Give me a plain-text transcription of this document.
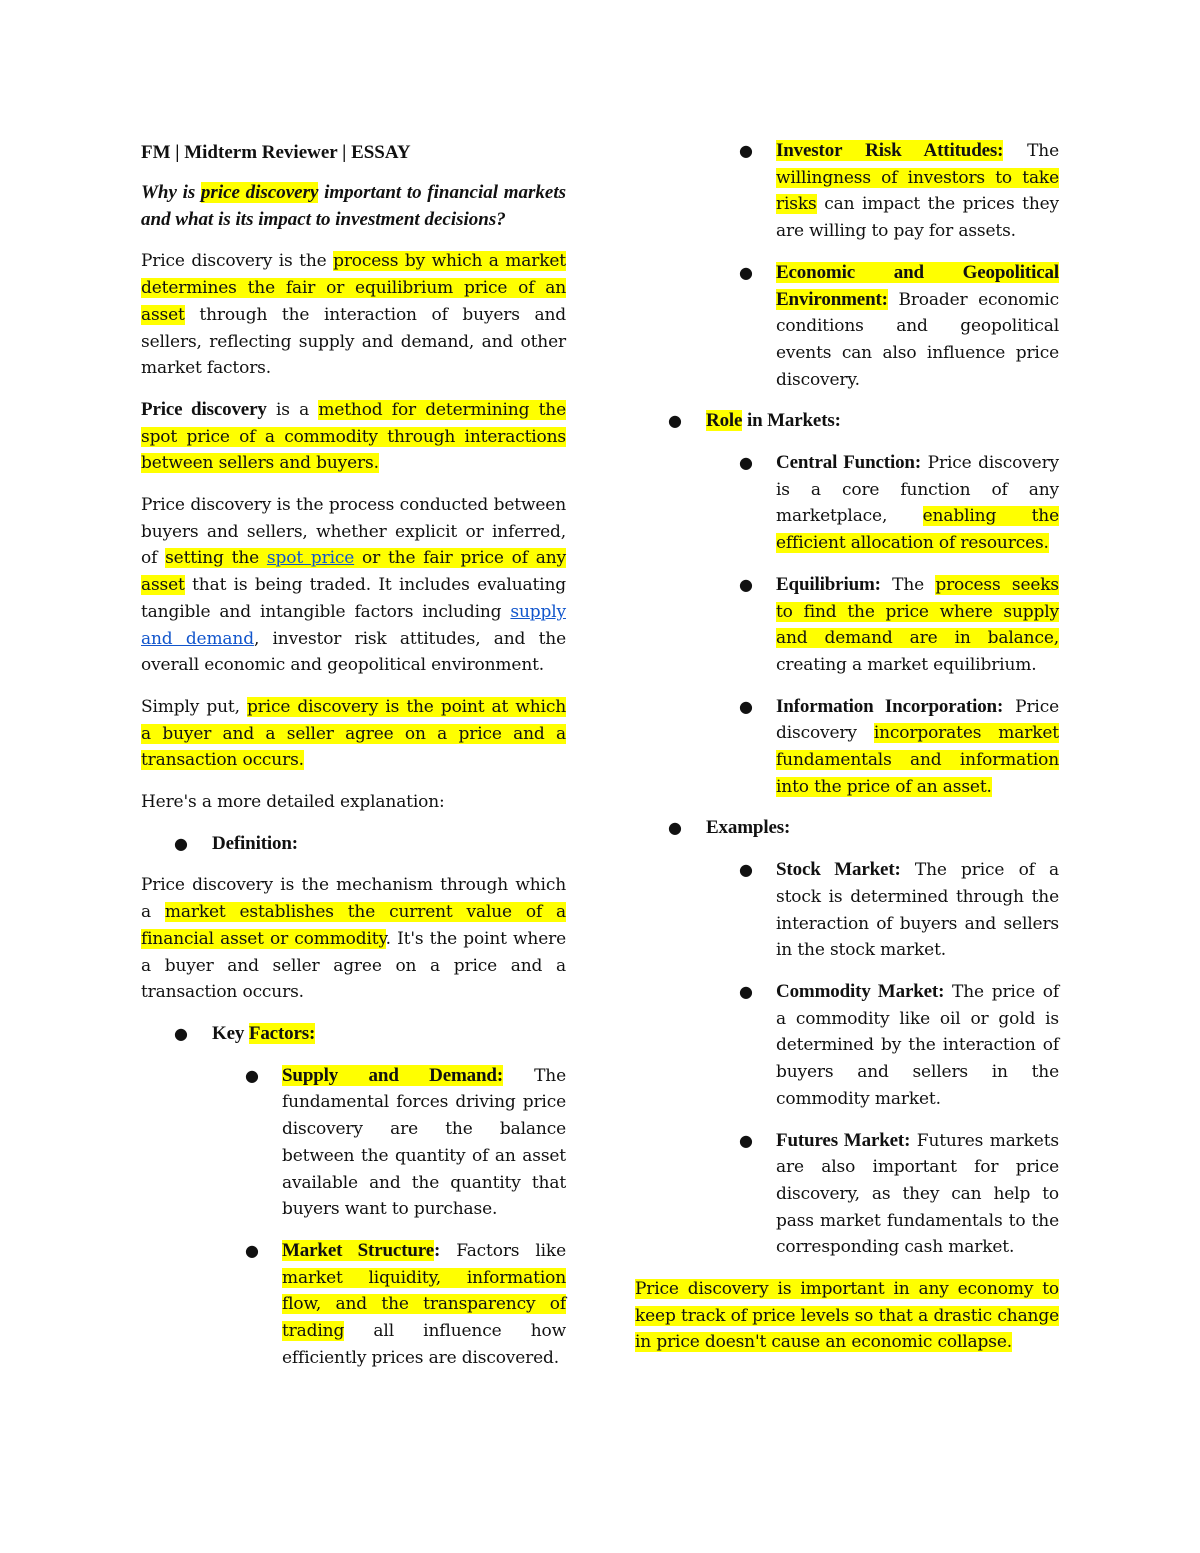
FM | Midterm Reviewer | ESSAY
Why is price discovery important to financial markets and what is its impact to investment decisions?

Price discovery is the process by which a market determines the fair or equilibrium price of an asset through the interaction of buyers and sellers, reflecting supply and demand, and other market factors.

Price discovery is a method for determining the spot price of a commodity through interactions between sellers and buyers.

Price discovery is the process conducted between buyers and sellers, whether explicit or inferred, of setting the spot price or the fair price of any asset that is being traded. It includes evaluating tangible and intangible factors including supply and demand, investor risk attitudes, and the overall economic and geopolitical environment.

Simply put, price discovery is the point at which a buyer and a seller agree on a price and a transaction occurs.

Here's a more detailed explanation:

● Definition:

Price discovery is the mechanism through which a market establishes the current value of a financial asset or commodity. It's the point where a buyer and seller agree on a price and a transaction occurs.

● Key Factors:
● Supply and Demand: The fundamental forces driving price discovery are the balance between the quantity of an asset available and the quantity that buyers want to purchase.
● Market Structure: Factors like market liquidity, information flow, and the transparency of trading all influence how efficiently prices are discovered.
● Investor Risk Attitudes: The willingness of investors to take risks can impact the prices they are willing to pay for assets.
● Economic and Geopolitical Environment: Broader economic conditions and geopolitical events can also influence price discovery.
● Role in Markets:
● Central Function: Price discovery is a core function of any marketplace, enabling the efficient allocation of resources.
● Equilibrium: The process seeks to find the price where supply and demand are in balance, creating a market equilibrium.
● Information Incorporation: Price discovery incorporates market fundamentals and information into the price of an asset.
● Examples:
● Stock Market: The price of a stock is determined through the interaction of buyers and sellers in the stock market.
● Commodity Market: The price of a commodity like oil or gold is determined by the interaction of buyers and sellers in the commodity market.
● Futures Market: Futures markets are also important for price discovery, as they can help to pass market fundamentals to the corresponding cash market.

Price discovery is important in any economy to keep track of price levels so that a drastic change in price doesn't cause an economic collapse.
